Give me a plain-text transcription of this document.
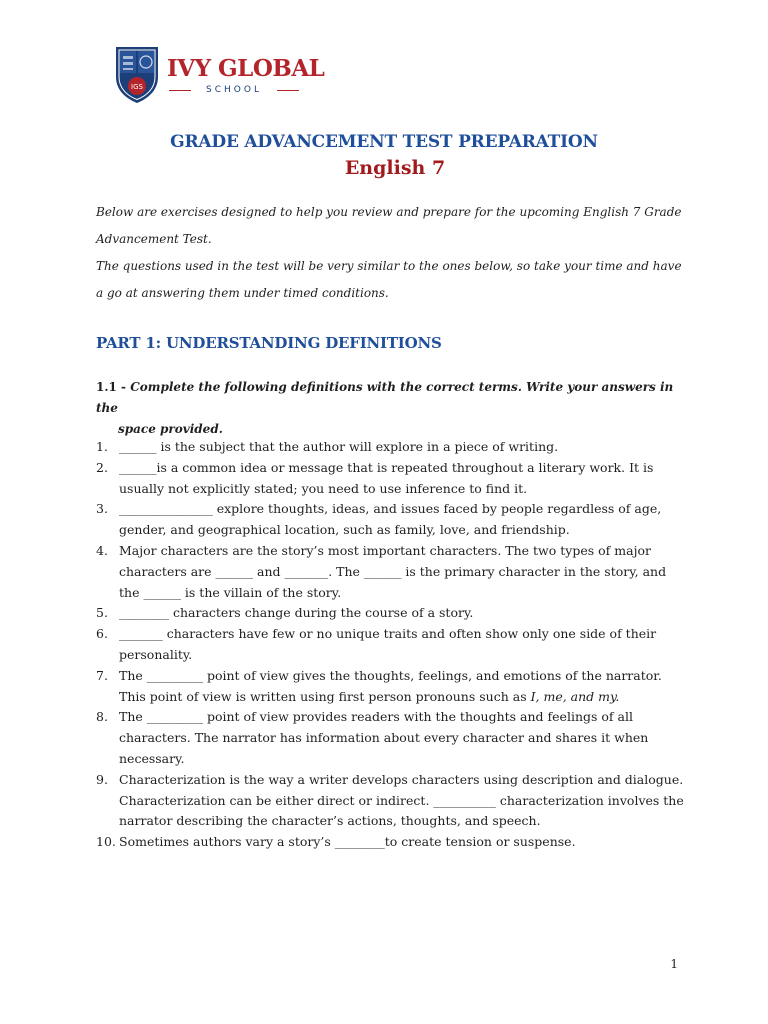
IGS
IVY GLOBAL
SCHOOL
GRADE ADVANCEMENT TEST PREPARATION
English 7

Below are exercises designed to help you review and prepare for the upcoming English 7 Grade Advancement Test.

The questions used in the test will be very similar to the ones below, so take your time and have a go at answering them under timed conditions.

PART 1: UNDERSTANDING DEFINITIONS
1.1 - Complete the following definitions with the correct terms. Write your answers in the
space provided.
1. ______ is the subject that the author will explore in a piece of writing.
2. ______is a common idea or message that is repeated throughout a literary work. It is usually not explicitly stated; you need to use inference to find it.
3. _______________ explore thoughts, ideas, and issues faced by people regardless of age, gender, and geographical location, such as family, love, and friendship.
4. Major characters are the story’s most important characters. The two types of major characters are ______ and _______. The ______ is the primary character in the story, and the ______ is the villain of the story.
5. ________ characters change during the course of a story.
6. _______ characters have few or no unique traits and often show only one side of their personality.
7. The _________ point of view gives the thoughts, feelings, and emotions of the narrator. This point of view is written using first person pronouns such as I, me, and my.
8. The _________ point of view provides readers with the thoughts and feelings of all characters. The narrator has information about every character and shares it when necessary.
9. Characterization is the way a writer develops characters using description and dialogue. Characterization can be either direct or indirect. __________ characterization involves the narrator describing the character’s actions, thoughts, and speech.
10. Sometimes authors vary a story’s ________to create tension or suspense.
1
